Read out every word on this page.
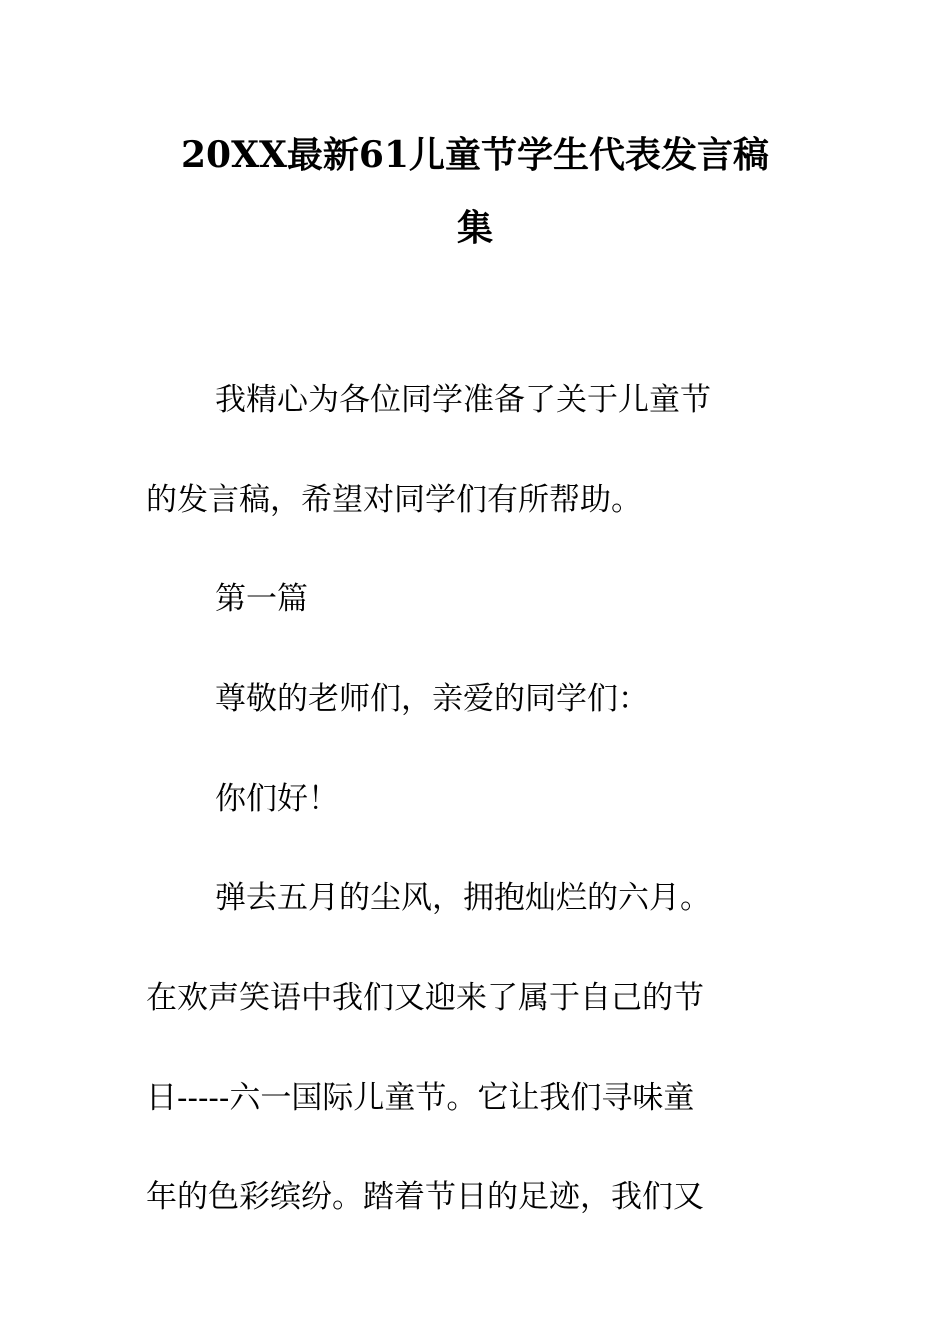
20XX最新61儿童节学生代表发言稿
集

我精心为各位同学准备了关于儿童节

的发言稿，希望对同学们有所帮助。

第一篇

尊敬的老师们，亲爱的同学们：

你们好！

弹去五月的尘风，拥抱灿烂的六月。

在欢声笑语中我们又迎来了属于自己的节

日-----六一国际儿童节。它让我们寻味童

年的色彩缤纷。踏着节日的足迹，我们又
